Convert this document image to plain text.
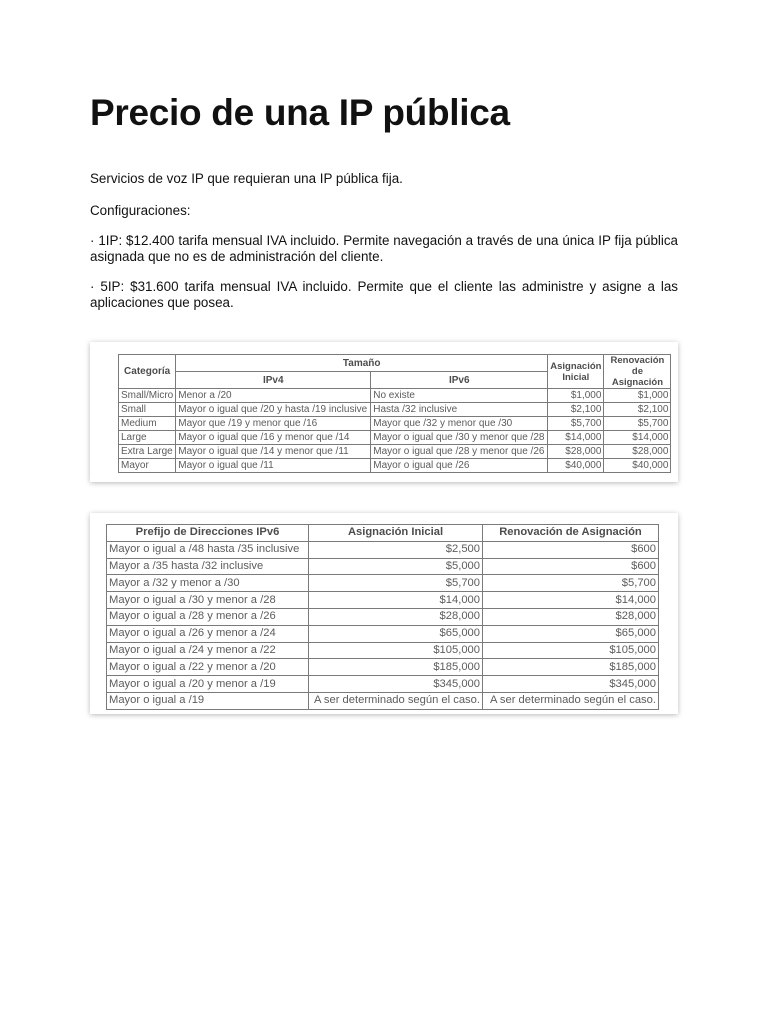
Precio de una IP pública

Servicios de voz IP que requieran una IP pública fija.

Configuraciones:

· 1IP: $12.400 tarifa mensual IVA incluido. Permite navegación a través de una única IP fija pública asignada que no es de administración del cliente.

· 5IP: $31.600 tarifa mensual IVA incluido. Permite que el cliente las administre y asigne a las aplicaciones que posea.

Categoría	Tamaño		Asignación Inicial	Renovación de Asignación
	IPv4	IPv6		
Small/Micro	Menor a /20	No existe	$1,000	$1,000
Small	Mayor o igual que /20 y hasta /19 inclusive	Hasta /32 inclusive	$2,100	$2,100
Medium	Mayor que /19 y menor que /16	Mayor que /32 y menor que /30	$5,700	$5,700
Large	Mayor o igual que /16 y menor que /14	Mayor o igual que /30 y menor que /28	$14,000	$14,000
Extra Large	Mayor o igual que /14 y menor que /11	Mayor o igual que /28 y menor que /26	$28,000	$28,000
Mayor	Mayor o igual que /11	Mayor o igual que /26	$40,000	$40,000
Prefijo de Direcciones IPv6	Asignación Inicial	Renovación de Asignación
Mayor o igual a /48 hasta /35 inclusive	$2,500	$600
Mayor a /35 hasta /32 inclusive	$5,000	$600
Mayor a /32 y menor a /30	$5,700	$5,700
Mayor o igual a /30 y menor a /28	$14,000	$14,000
Mayor o igual a /28 y menor a /26	$28,000	$28,000
Mayor o igual a /26 y menor a /24	$65,000	$65,000
Mayor o igual a /24 y menor a /22	$105,000	$105,000
Mayor o igual a /22 y menor a /20	$185,000	$185,000
Mayor o igual a /20 y menor a /19	$345,000	$345,000
Mayor o igual a /19	A ser determinado según el caso.	A ser determinado según el caso.
